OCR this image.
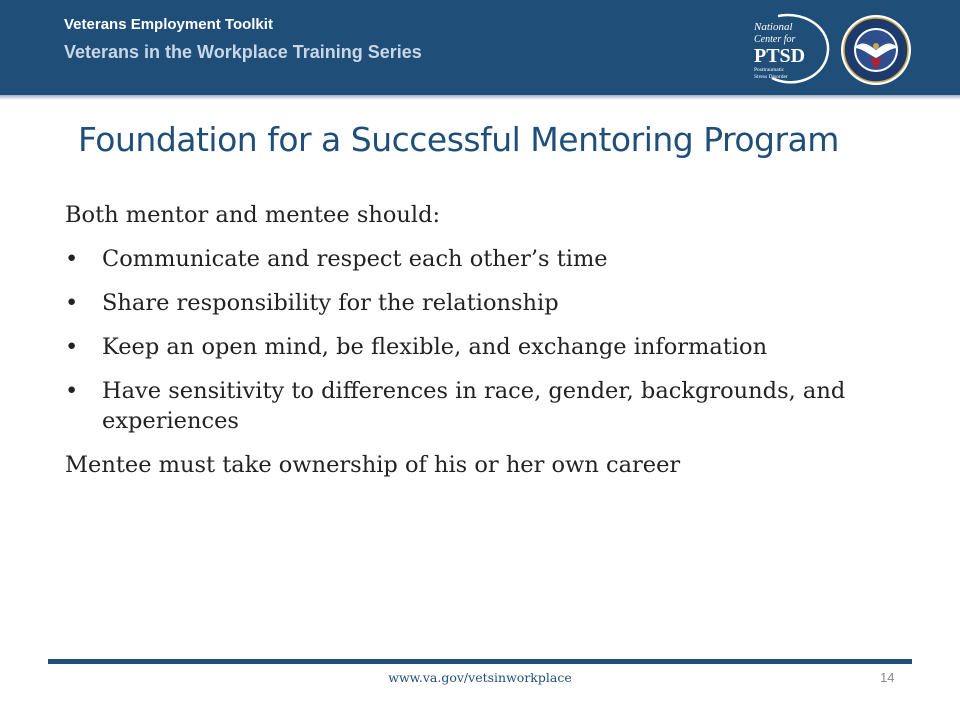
Veterans Employment Toolkit
Veterans in the Workplace Training Series
National
Center for
PTSD
Posttraumatic
Stress Disorder
Foundation for a Successful Mentoring Program

Both mentor and mentee should:

• Communicate and respect each other’s time
• Share responsibility for the relationship
• Keep an open mind, be flexible, and exchange information
• Have sensitivity to differences in race, gender, backgrounds, and experiences

Mentee must take ownership of his or her own career

www.va.gov/vetsinworkplace	14
